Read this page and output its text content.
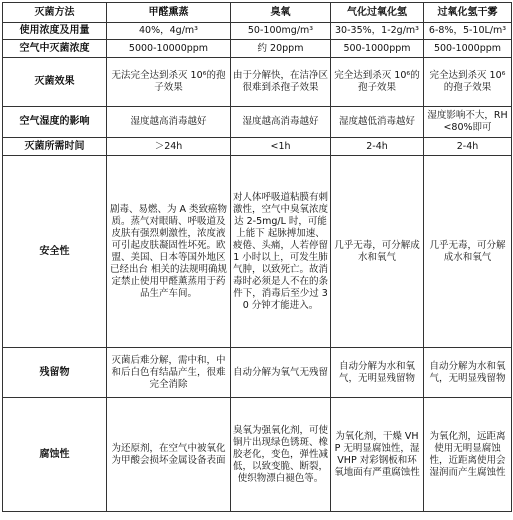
灭菌方法	甲醛熏蒸	臭氧	气化过氧化氢	过氧化氢干雾
使用浓度及用量	40%，4g/m³	50-100mg/m³	30-35%，1-2g/m³	6-8%，5-10L/m³
空气中灭菌浓度	5000-10000ppm	约 20ppm	500-1000ppm	500-1000ppm
灭菌效果	无法完全达到杀灭 10⁶的孢子效果	由于分解快，在洁净区很难到杀孢子效果	完全达到杀灭 10⁶的孢子效果	完全达到杀灭 10⁶的孢子效果
空气湿度的影响	湿度越高消毒越好	湿度越高消毒越好	湿度越低消毒越好	湿度影响不大，RH<80%即可
灭菌所需时间	＞24h	<1h	2-4h	2-4h
安全性	剧毒、易燃、为 A 类致癌物质。蒸气对眼睛、呼吸道及皮肤有强烈刺激性，浓度液可引起皮肤凝固性坏死。欧盟、美国、日本等国外地区已经出台 相关的法规明确规定禁止使用甲醛薰蒸用于药品生产车间。	对人体呼吸道粘膜有刺激性，空气中臭氧浓度达 2-5mg/L 时，可能上能下 起脉搏加速、疲倦、头痛，人若停留 1 小时以上，可发生肺气肿，以致死亡。故消毒时必须是人不在的条件下，消毒后至少过 30 分钟才能进入。	几乎无毒，可分解成水和氧气	几乎无毒，可分解成水和氧气
残留物	灭菌后难分解，需中和，中和后白色有结晶产生，很难完全消除	自动分解为氧气无残留	自动分解为水和氧气，无明显残留物	自动分解为水和氧气，无明显残留物
腐蚀性	为还原剂，在空气中被氧化为甲酸会损坏金属设备表面	臭氧为强氧化剂，可使铜片出现绿色锈斑、橡胶老化，变色，弹性减低，以致变脆、断裂，使织物漂白褪色等。	为氧化剂，干燥 VHP 无明显腐蚀性，湿 VHP 对彩钢板和环氧地面有严重腐蚀性	为氧化剂，远距离使用无明显腐蚀性，近距离使用会湿润而产生腐蚀性
